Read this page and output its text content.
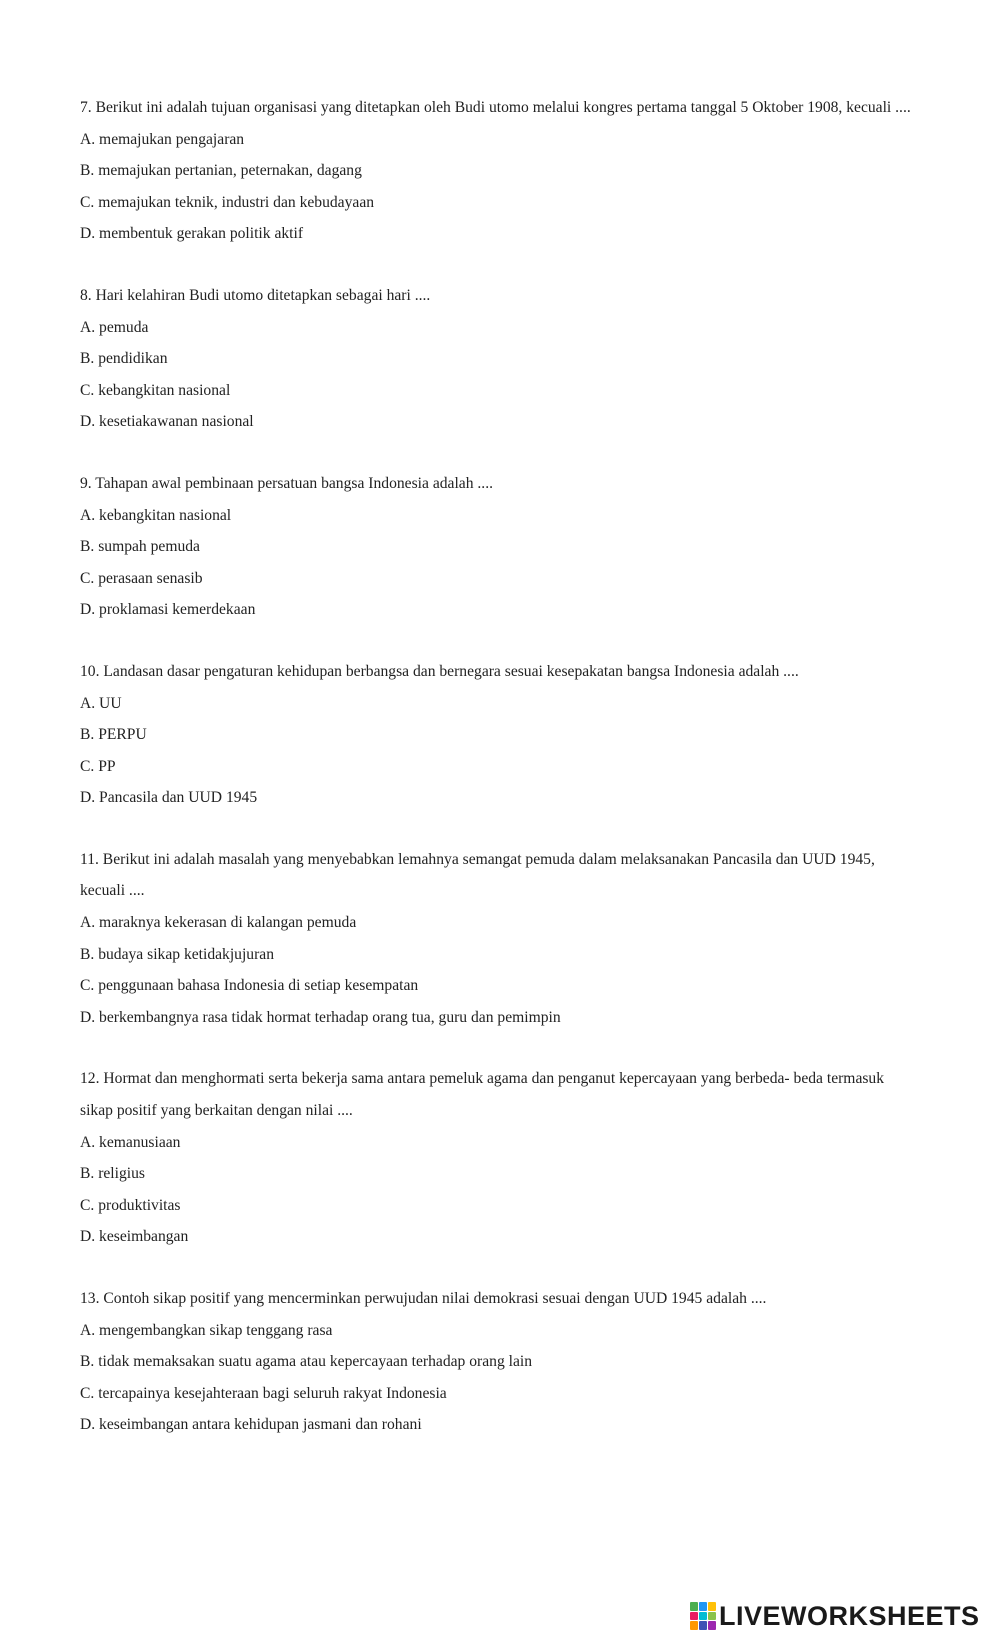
7. Berikut ini adalah tujuan organisasi yang ditetapkan oleh Budi utomo melalui kongres pertama tanggal 5 Oktober 1908, kecuali ....

A. memajukan pengajaran

B. memajukan pertanian, peternakan, dagang

C. memajukan teknik, industri dan kebudayaan

D. membentuk gerakan politik aktif

8. Hari kelahiran Budi utomo ditetapkan sebagai hari ....

A. pemuda

B. pendidikan

C. kebangkitan nasional

D. kesetiakawanan nasional

9. Tahapan awal pembinaan persatuan bangsa Indonesia adalah ....

A. kebangkitan nasional

B. sumpah pemuda

C. perasaan senasib

D. proklamasi kemerdekaan

10. Landasan dasar pengaturan kehidupan berbangsa dan bernegara sesuai kesepakatan bangsa Indonesia adalah ....

A. UU

B. PERPU

C. PP

D. Pancasila dan UUD 1945

11. Berikut ini adalah masalah yang menyebabkan lemahnya semangat pemuda dalam melaksanakan Pancasila dan UUD 1945, kecuali ....

A. maraknya kekerasan di kalangan pemuda

B. budaya sikap ketidakjujuran

C. penggunaan bahasa Indonesia di setiap kesempatan

D. berkembangnya rasa tidak hormat terhadap orang tua, guru dan pemimpin

12. Hormat dan menghormati serta bekerja sama antara pemeluk agama dan penganut kepercayaan yang berbeda- beda termasuk sikap positif yang berkaitan dengan nilai ....

A. kemanusiaan

B. religius

C. produktivitas

D. keseimbangan

13. Contoh sikap positif yang mencerminkan perwujudan nilai demokrasi sesuai dengan UUD 1945 adalah ....

A. mengembangkan sikap tenggang rasa

B. tidak memaksakan suatu agama atau kepercayaan terhadap orang lain

C. tercapainya kesejahteraan bagi seluruh rakyat Indonesia

D. keseimbangan antara kehidupan jasmani dan rohani

LIVEWORKSHEETS
